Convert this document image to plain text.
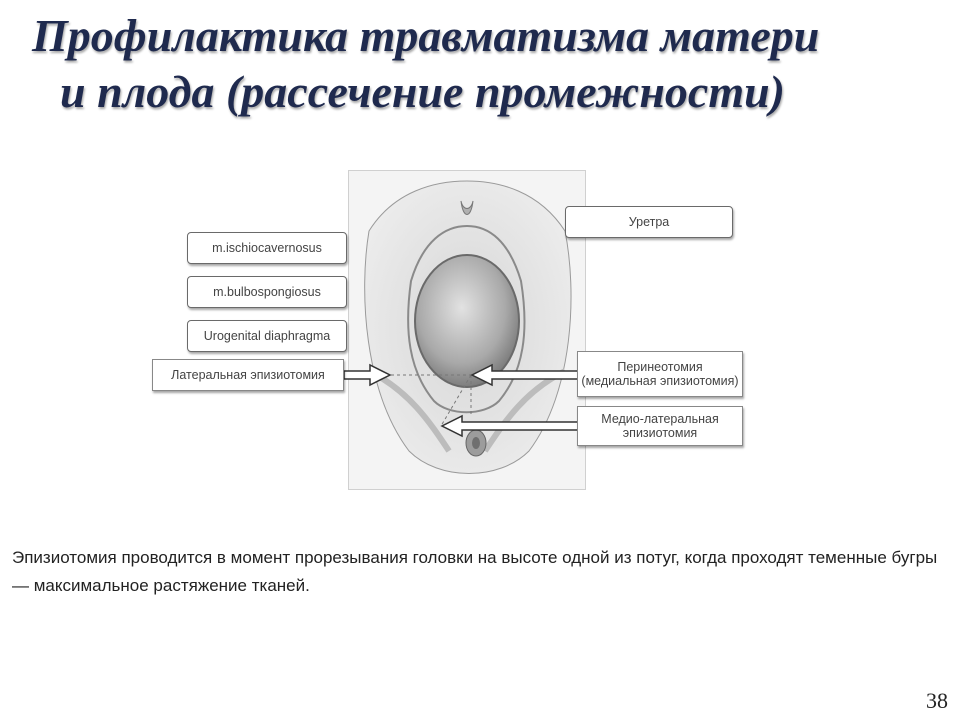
Профилактика травматизма матери
и плода (рассечение промежности)
m.ischiocavernosus
m.bulbospongiosus
Urogenital diaphragma
Латеральная эпизиотомия
Уретра
Перинеотомия
(медиальная эпизиотомия)
Медио-латеральная
эпизиотомия
Эпизиотомия проводится в момент прорезывания головки на высоте одной из потуг, когда проходят теменные бугры — максимальное растяжение тканей.
38
